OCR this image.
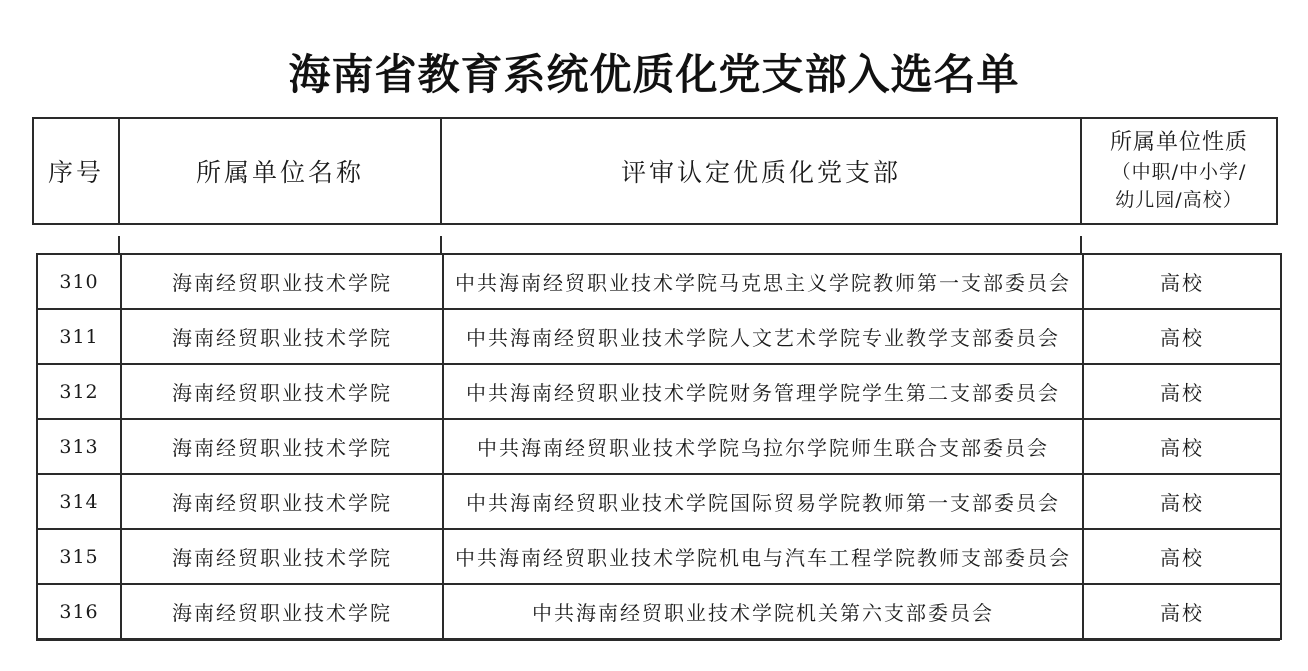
海南省教育系统优质化党支部入选名单
序号	所属单位名称	评审认定优质化党支部	所属单位性质
（中职/中小学/
幼儿园/高校）
310	海南经贸职业技术学院	中共海南经贸职业技术学院马克思主义学院教师第一支部委员会	高校
311	海南经贸职业技术学院	中共海南经贸职业技术学院人文艺术学院专业教学支部委员会	高校
312	海南经贸职业技术学院	中共海南经贸职业技术学院财务管理学院学生第二支部委员会	高校
313	海南经贸职业技术学院	中共海南经贸职业技术学院乌拉尔学院师生联合支部委员会	高校
314	海南经贸职业技术学院	中共海南经贸职业技术学院国际贸易学院教师第一支部委员会	高校
315	海南经贸职业技术学院	中共海南经贸职业技术学院机电与汽车工程学院教师支部委员会	高校
316	海南经贸职业技术学院	中共海南经贸职业技术学院机关第六支部委员会	高校
